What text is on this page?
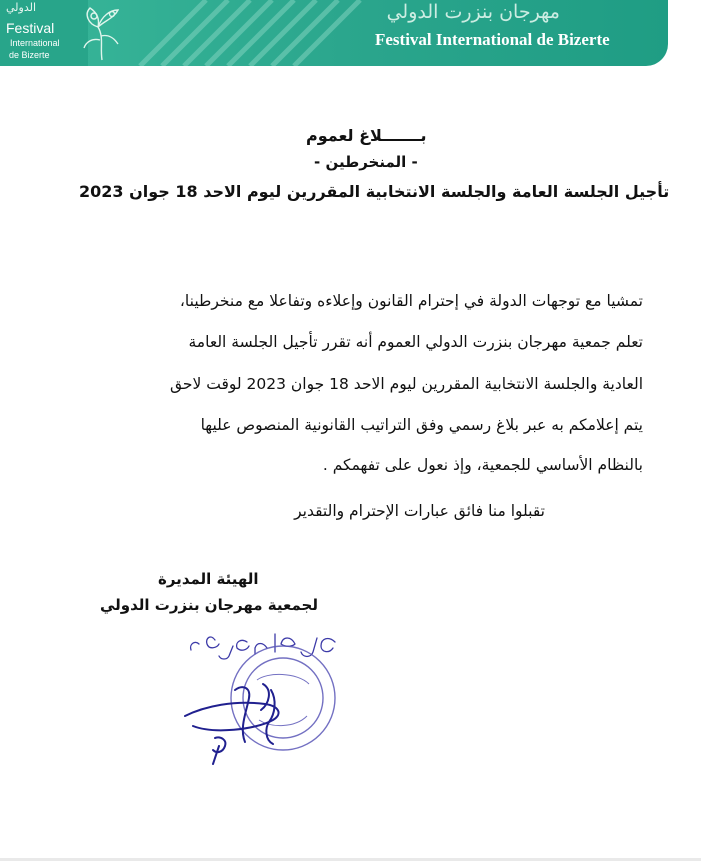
الدولي
Festival
International
de Bizerte
مهرجان بنزرت الدولي
Festival International de Bizerte
بـــــــلاغ لعموم
- المنخرطين -
تأجيل الجلسة العامة والجلسة الانتخابية المقررين ليوم الاحد 18 جوان 2023
تمشيا مع توجهات الدولة في إحترام القانون وإعلاءه وتفاعلا مع منخرطينا،
تعلم جمعية مهرجان بنزرت الدولي العموم أنه تقرر تأجيل الجلسة العامة
العادية والجلسة الانتخابية المقررين ليوم الاحد 18 جوان 2023 لوقت لاحق
يتم إعلامكم به عبر بلاغ رسمي وفق التراتيب القانونية المنصوص عليها
بالنظام الأساسي للجمعية، وإذ نعول على تفهمكم .
تقبلوا منا فائق عبارات الإحترام والتقدير
الهيئة المديرة
لجمعية مهرجان بنزرت الدولي
